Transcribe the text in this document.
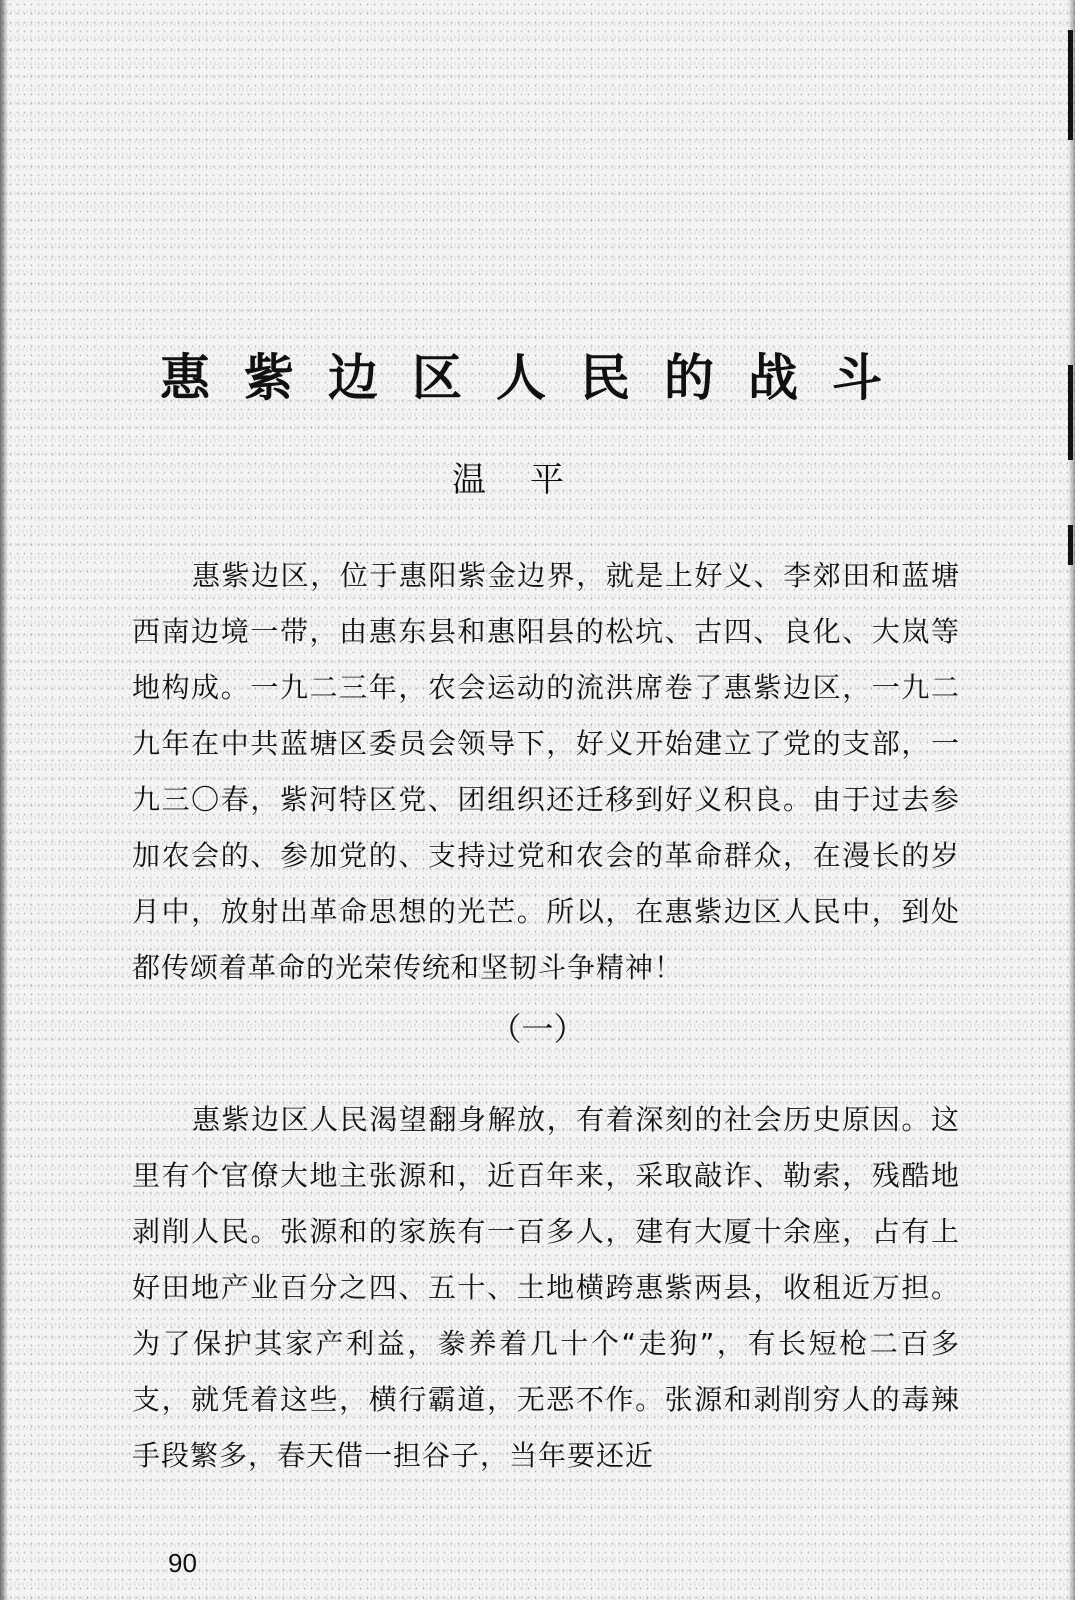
惠紫边区人民的战斗
温平

惠紫边区，位于惠阳紫金边界，就是上好义、李郊田和蓝塘西南边境一带，由惠东县和惠阳县的松坑、古四、良化、大岚等地构成。一九二三年，农会运动的流洪席卷了惠紫边区，一九二九年在中共蓝塘区委员会领导下，好义开始建立了党的支部，一九三〇春，紫河特区党、团组织还迁移到好义积良。由于过去参加农会的、参加党的、支持过党和农会的革命群众，在漫长的岁月中，放射出革命思想的光芒。所以，在惠紫边区人民中，到处都传颂着革命的光荣传统和坚韧斗争精神！

（一）

惠紫边区人民渴望翻身解放，有着深刻的社会历史原因。这里有个官僚大地主张源和，近百年来，采取敲诈、勒索，残酷地剥削人民。张源和的家族有一百多人，建有大厦十余座，占有上好田地产业百分之四、五十、土地横跨惠紫两县，收租近万担。为了保护其家产利益，豢养着几十个“走狗”，有长短枪二百多支，就凭着这些，横行霸道，无恶不作。张源和剥削穷人的毒辣手段繁多，春天借一担谷子，当年要还近

90
